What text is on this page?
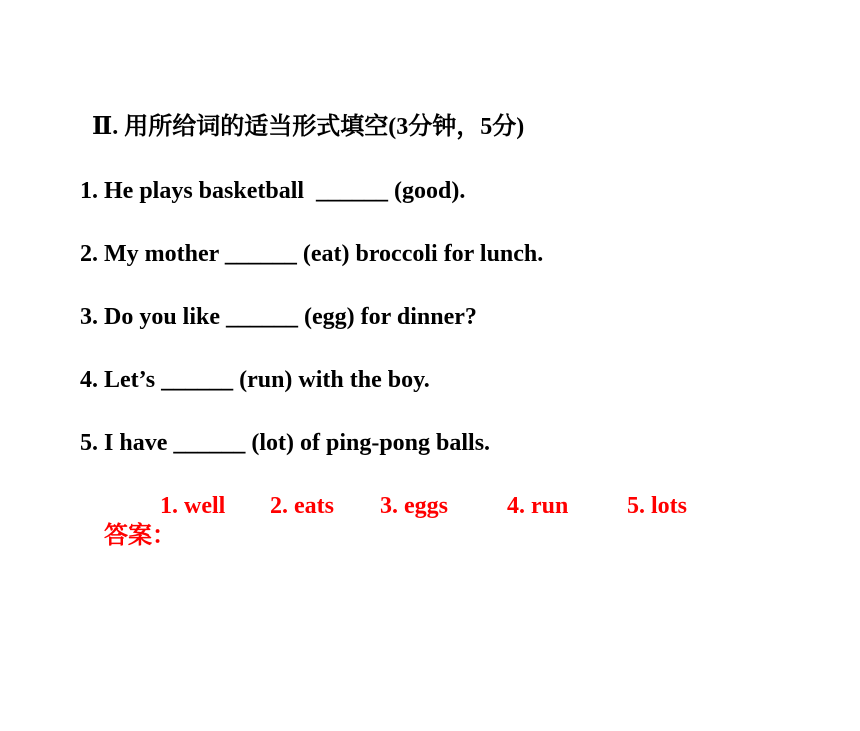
Ⅱ. 用所给词的适当形式填空(3分钟，5分)
1. He plays basketball  ______ (good).
2. My mother ______ (eat) broccoli for lunch.
3. Do you like ______ (egg) for dinner?
4. Let’s ______ (run) with the boy.
5. I have ______ (lot) of ping-pong balls.

答案：

1. well

2. eats

3. eggs

4. run

5. lots
